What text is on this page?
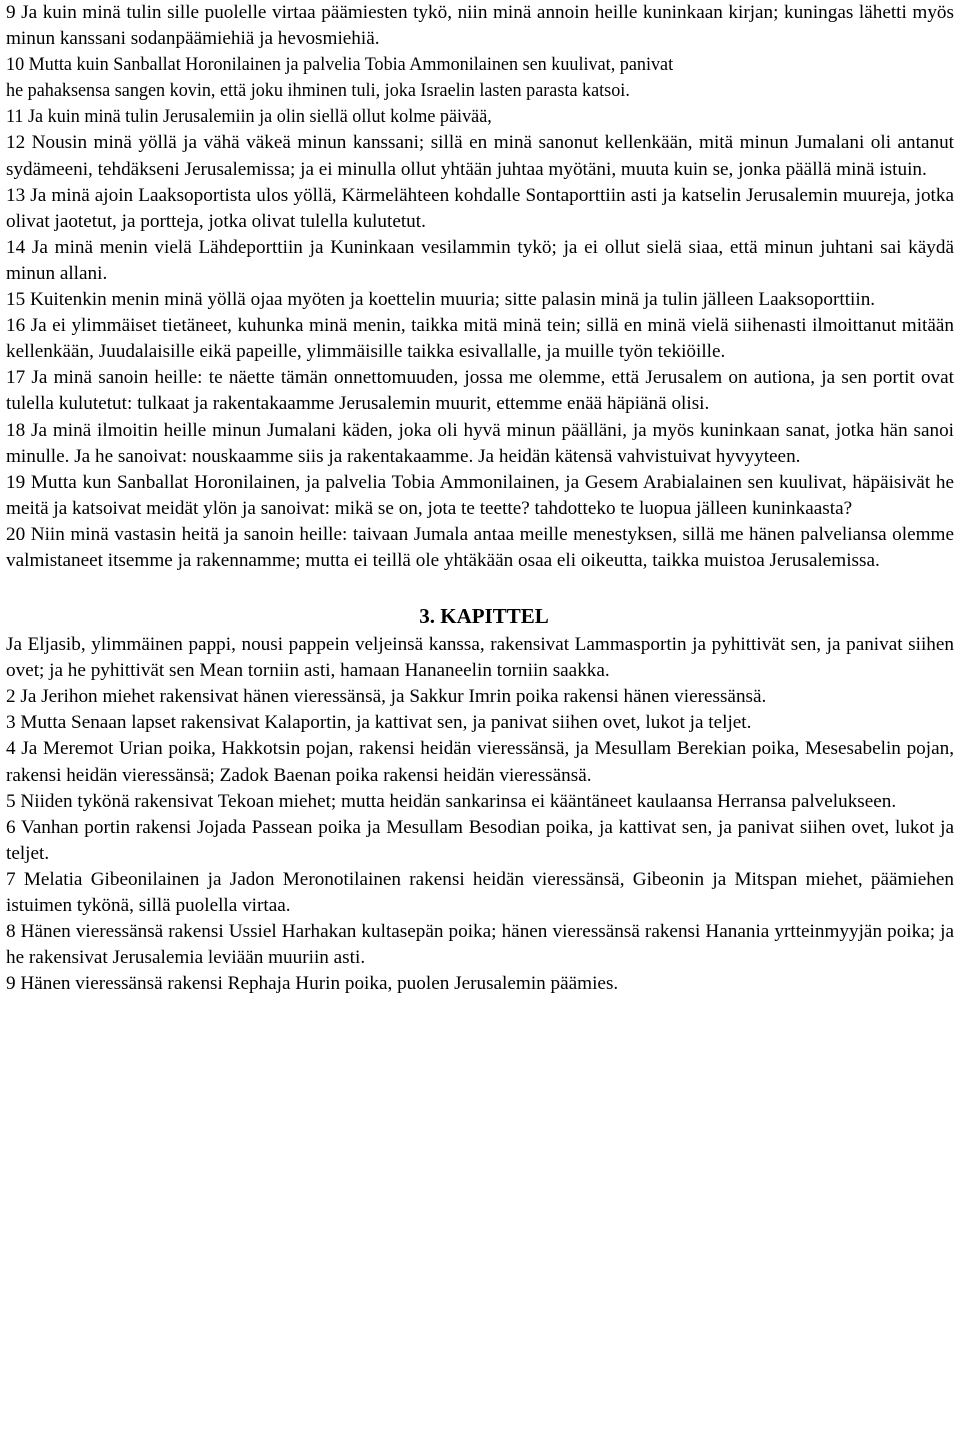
9 Ja kuin minä tulin sille puolelle virtaa päämiesten tykö, niin minä annoin heille kuninkaan kirjan; kuningas lähetti myös minun kanssani sodanpäämiehiä ja hevosmiehiä.

10 Mutta kuin Sanballat Horonilainen ja palvelia Tobia Ammonilainen sen kuulivat, panivat

he pahaksensa sangen kovin, että joku ihminen tuli, joka Israelin lasten parasta katsoi.

11 Ja kuin minä tulin Jerusalemiin ja olin siellä ollut kolme päivää,

12 Nousin minä yöllä ja vähä väkeä minun kanssani; sillä en minä sanonut kellenkään, mitä minun Jumalani oli antanut sydämeeni, tehdäkseni Jerusalemissa; ja ei minulla ollut yhtään juhtaa myötäni, muuta kuin se, jonka päällä minä istuin.

13 Ja minä ajoin Laaksoportista ulos yöllä, Kärmelähteen kohdalle Sontaporttiin asti ja katselin Jerusalemin muureja, jotka olivat jaotetut, ja portteja, jotka olivat tulella kulutetut.

14 Ja minä menin vielä Lähdeporttiin ja Kuninkaan vesilammin tykö; ja ei ollut sielä siaa, että minun juhtani sai käydä minun allani.

15 Kuitenkin menin minä yöllä ojaa myöten ja koettelin muuria; sitte palasin minä ja tulin jälleen Laaksoporttiin.

16 Ja ei ylimmäiset tietäneet, kuhunka minä menin, taikka mitä minä tein; sillä en minä vielä siihenasti ilmoittanut mitään kellenkään, Juudalaisille eikä papeille, ylimmäisille taikka esivallalle, ja muille työn tekiöille.

17 Ja minä sanoin heille: te näette tämän onnettomuuden, jossa me olemme, että Jerusalem on autiona, ja sen portit ovat tulella kulutetut: tulkaat ja rakentakaamme Jerusalemin muurit, ettemme enää häpiänä olisi.

18 Ja minä ilmoitin heille minun Jumalani käden, joka oli hyvä minun päälläni, ja myös kuninkaan sanat, jotka hän sanoi minulle. Ja he sanoivat: nouskaamme siis ja rakentakaamme. Ja heidän kätensä vahvistuivat hyvyyteen.

19 Mutta kun Sanballat Horonilainen, ja palvelia Tobia Ammonilainen, ja Gesem Arabialainen sen kuulivat, häpäisivät he meitä ja katsoivat meidät ylön ja sanoivat: mikä se on, jota te teette? tahdotteko te luopua jälleen kuninkaasta?

20 Niin minä vastasin heitä ja sanoin heille: taivaan Jumala antaa meille menestyksen, sillä me hänen palveliansa olemme valmistaneet itsemme ja rakennamme; mutta ei teillä ole yhtäkään osaa eli oikeutta, taikka muistoa Jerusalemissa.

3. KAPITTEL

Ja Eljasib, ylimmäinen pappi, nousi pappein veljeinsä kanssa, rakensivat Lammasportin ja pyhittivät sen, ja panivat siihen ovet; ja he pyhittivät sen Mean torniin asti, hamaan Hananeelin torniin saakka.

2 Ja Jerihon miehet rakensivat hänen vieressänsä, ja Sakkur Imrin poika rakensi hänen vieressänsä.

3 Mutta Senaan lapset rakensivat Kalaportin, ja kattivat sen, ja panivat siihen ovet, lukot ja teljet.

4 Ja Meremot Urian poika, Hakkotsin pojan, rakensi heidän vieressänsä, ja Mesullam Berekian poika, Mesesabelin pojan, rakensi heidän vieressänsä; Zadok Baenan poika rakensi heidän vieressänsä.

5 Niiden tykönä rakensivat Tekoan miehet; mutta heidän sankarinsa ei kääntäneet kaulaansa Herransa palvelukseen.

6 Vanhan portin rakensi Jojada Passean poika ja Mesullam Besodian poika, ja kattivat sen, ja panivat siihen ovet, lukot ja teljet.

7 Melatia Gibeonilainen ja Jadon Meronotilainen rakensi heidän vieressänsä, Gibeonin ja Mitspan miehet, päämiehen istuimen tykönä, sillä puolella virtaa.

8 Hänen vieressänsä rakensi Ussiel Harhakan kultasepän poika; hänen vieressänsä rakensi Hanania yrtteinmyyjän poika; ja he rakensivat Jerusalemia leviään muuriin asti.

9 Hänen vieressänsä rakensi Rephaja Hurin poika, puolen Jerusalemin päämies.
